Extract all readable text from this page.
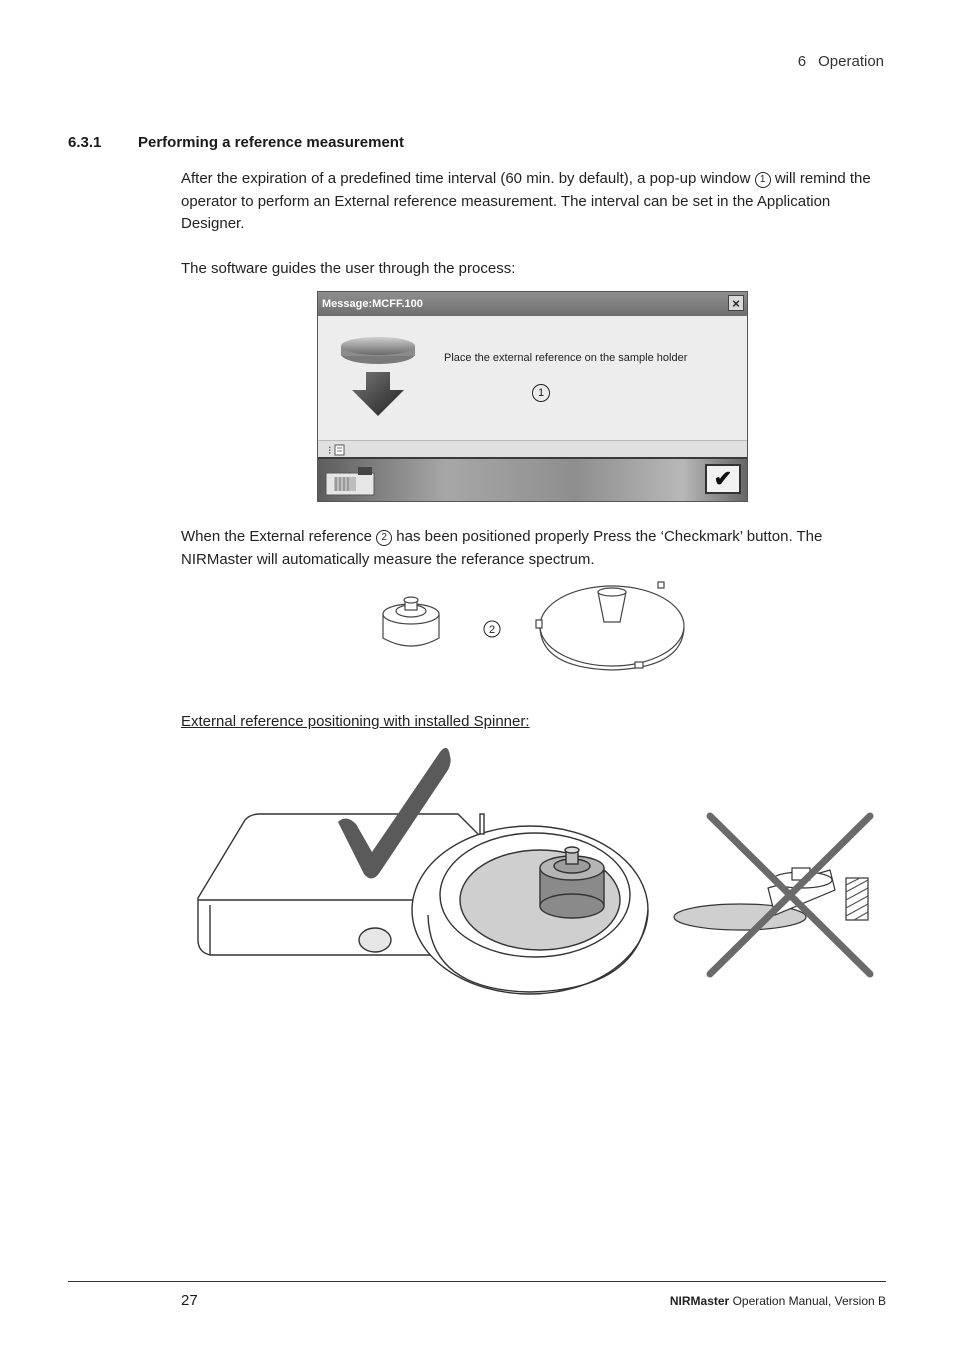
6 Operation
6.3.1 Performing a reference measurement
After the expiration of a predefined time interval (60 min. by default), a pop-up window 1 will remind the operator to perform an External reference measurement. The interval can be set in the Application Designer.
The software guides the user through the process:
Message:MCFF.100	×
Place the external reference on the sample holder
1
⁝
✔
When the External reference 2 has been positioned properly Press the ‘Checkmark’ button. The NIRMaster will automatically measure the referance spectrum.
2
External reference positioning with installed Spinner:
27	NIRMaster Operation Manual, Version B
